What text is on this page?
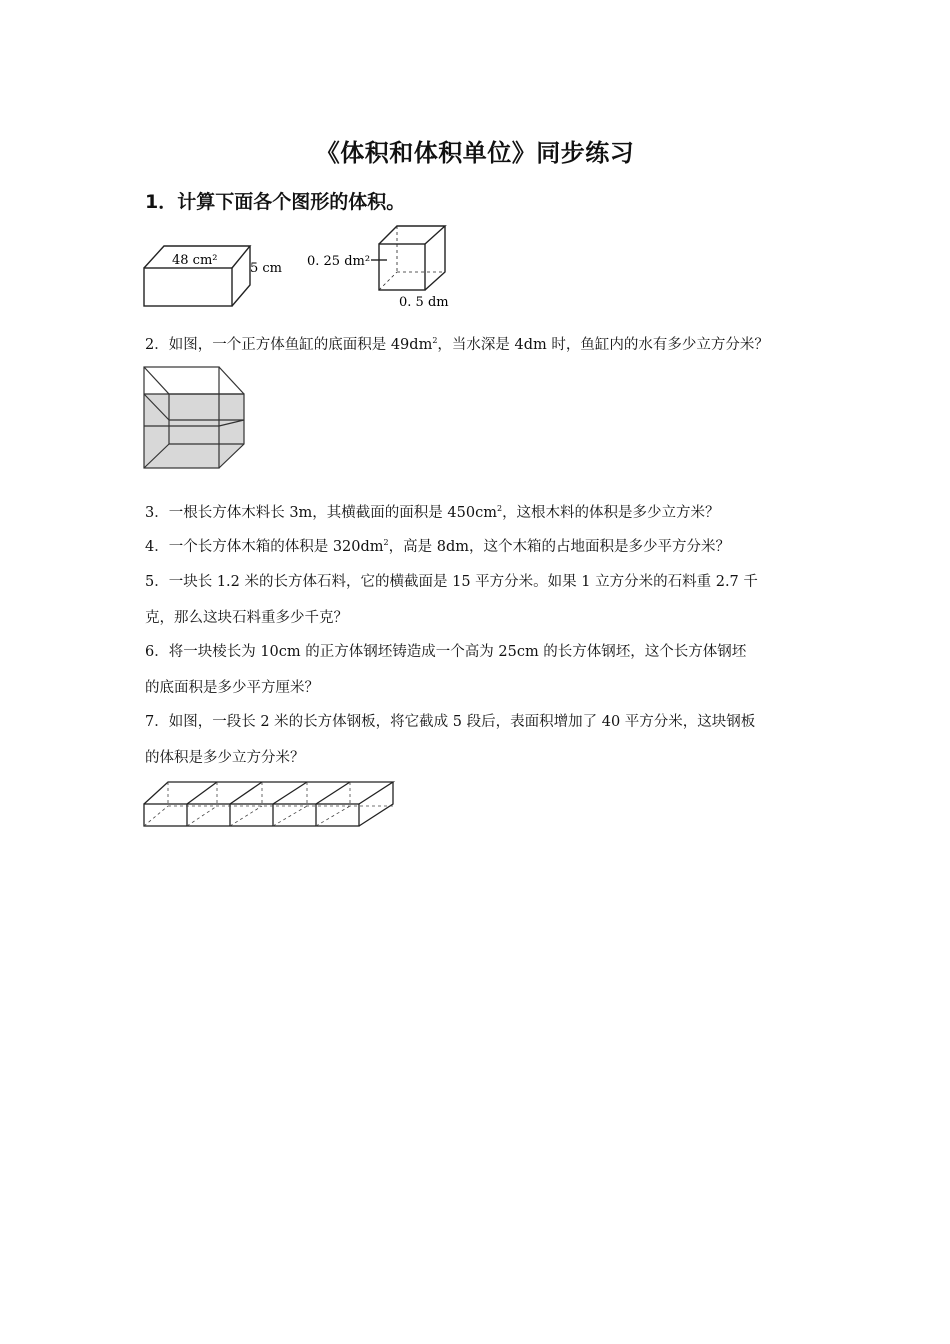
《体积和体积单位》同步练习
1．计算下面各个图形的体积。
48 cm²
5 cm 0. 25 dm²
0. 5 dm
2．如图，一个正方体鱼缸的底面积是 $49dm^2$，当水深是 4dm 时，鱼缸内的水有多少立方分米？
3．一根长方体木料长 3m，其横截面的面积是 $450cm^2$，这根木料的体积是多少立方米？
4．一个长方体木箱的体积是 $320dm^2$，高是 8dm，这个木箱的占地面积是多少平方分米？
5．一块长 1.2 米的长方体石料，它的横截面是 15 平方分米。如果 1 立方分米的石料重 2.7 千
克，那么这块石料重多少千克？
6．将一块棱长为 10cm 的正方体钢坯铸造成一个高为 25cm 的长方体钢坯，这个长方体钢坯
的底面积是多少平方厘米？
7．如图，一段长 2 米的长方体钢板，将它截成 5 段后，表面积增加了 40 平方分米，这块钢板
的体积是多少立方分米？
